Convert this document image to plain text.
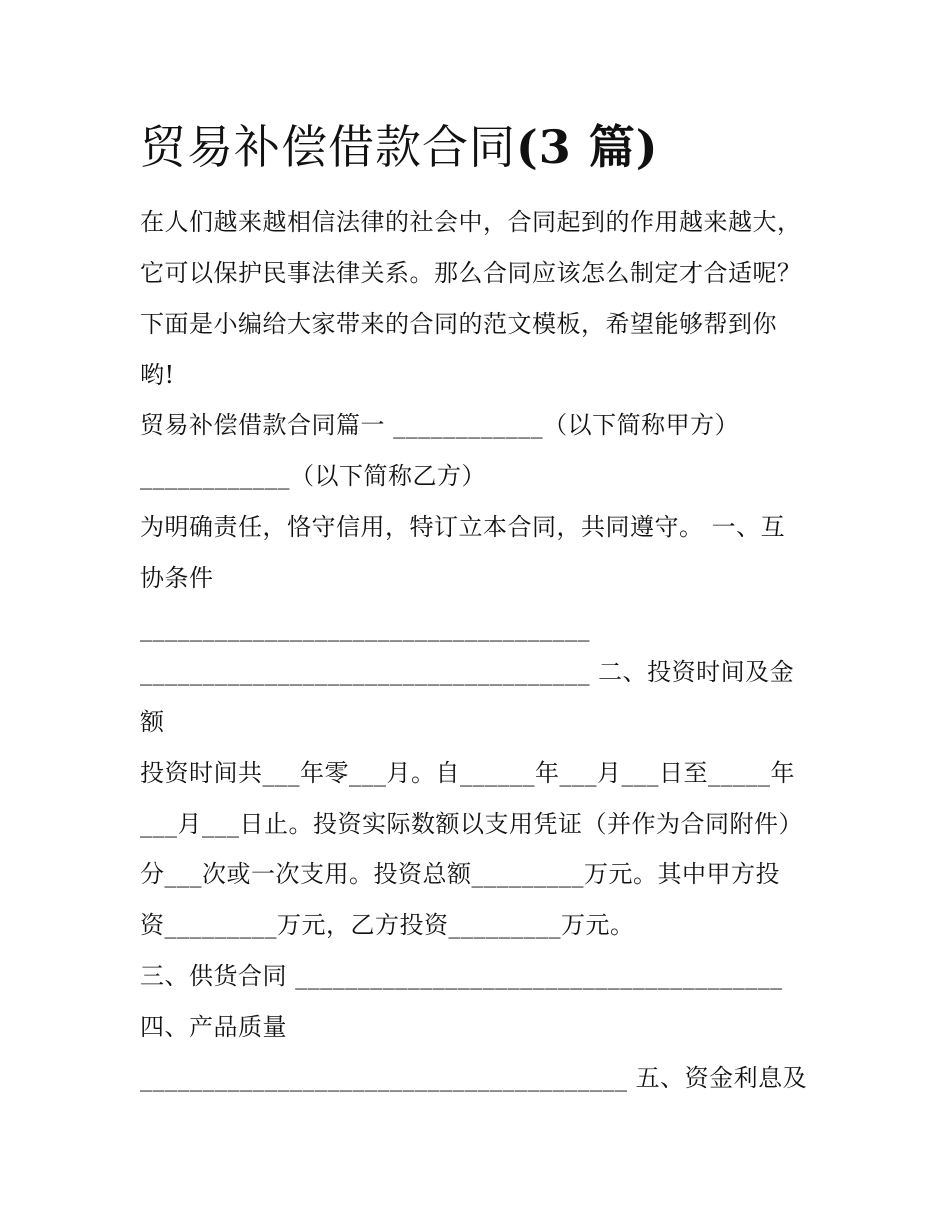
贸易补偿借款合同(3 篇)

在人们越来越相信法律的社会中，合同起到的作用越来越大，

它可以保护民事法律关系。那么合同应该怎么制定才合适呢？

下面是小编给大家带来的合同的范文模板，希望能够帮到你

哟!

贸易补偿借款合同篇一 ____________（以下简称甲方）

____________（以下简称乙方）

为明确责任，恪守信用，特订立本合同，共同遵守。 一、互

协条件

____________________________________

____________________________________ 二、投资时间及金

额

投资时间共___年零___月。自______年___月___日至_____年

___月___日止。投资实际数额以支用凭证（并作为合同附件）

分___次或一次支用。投资总额_________万元。其中甲方投

资_________万元，乙方投资_________万元。

三、供货合同 _______________________________________

四、产品质量

_______________________________________ 五、资金利息及
